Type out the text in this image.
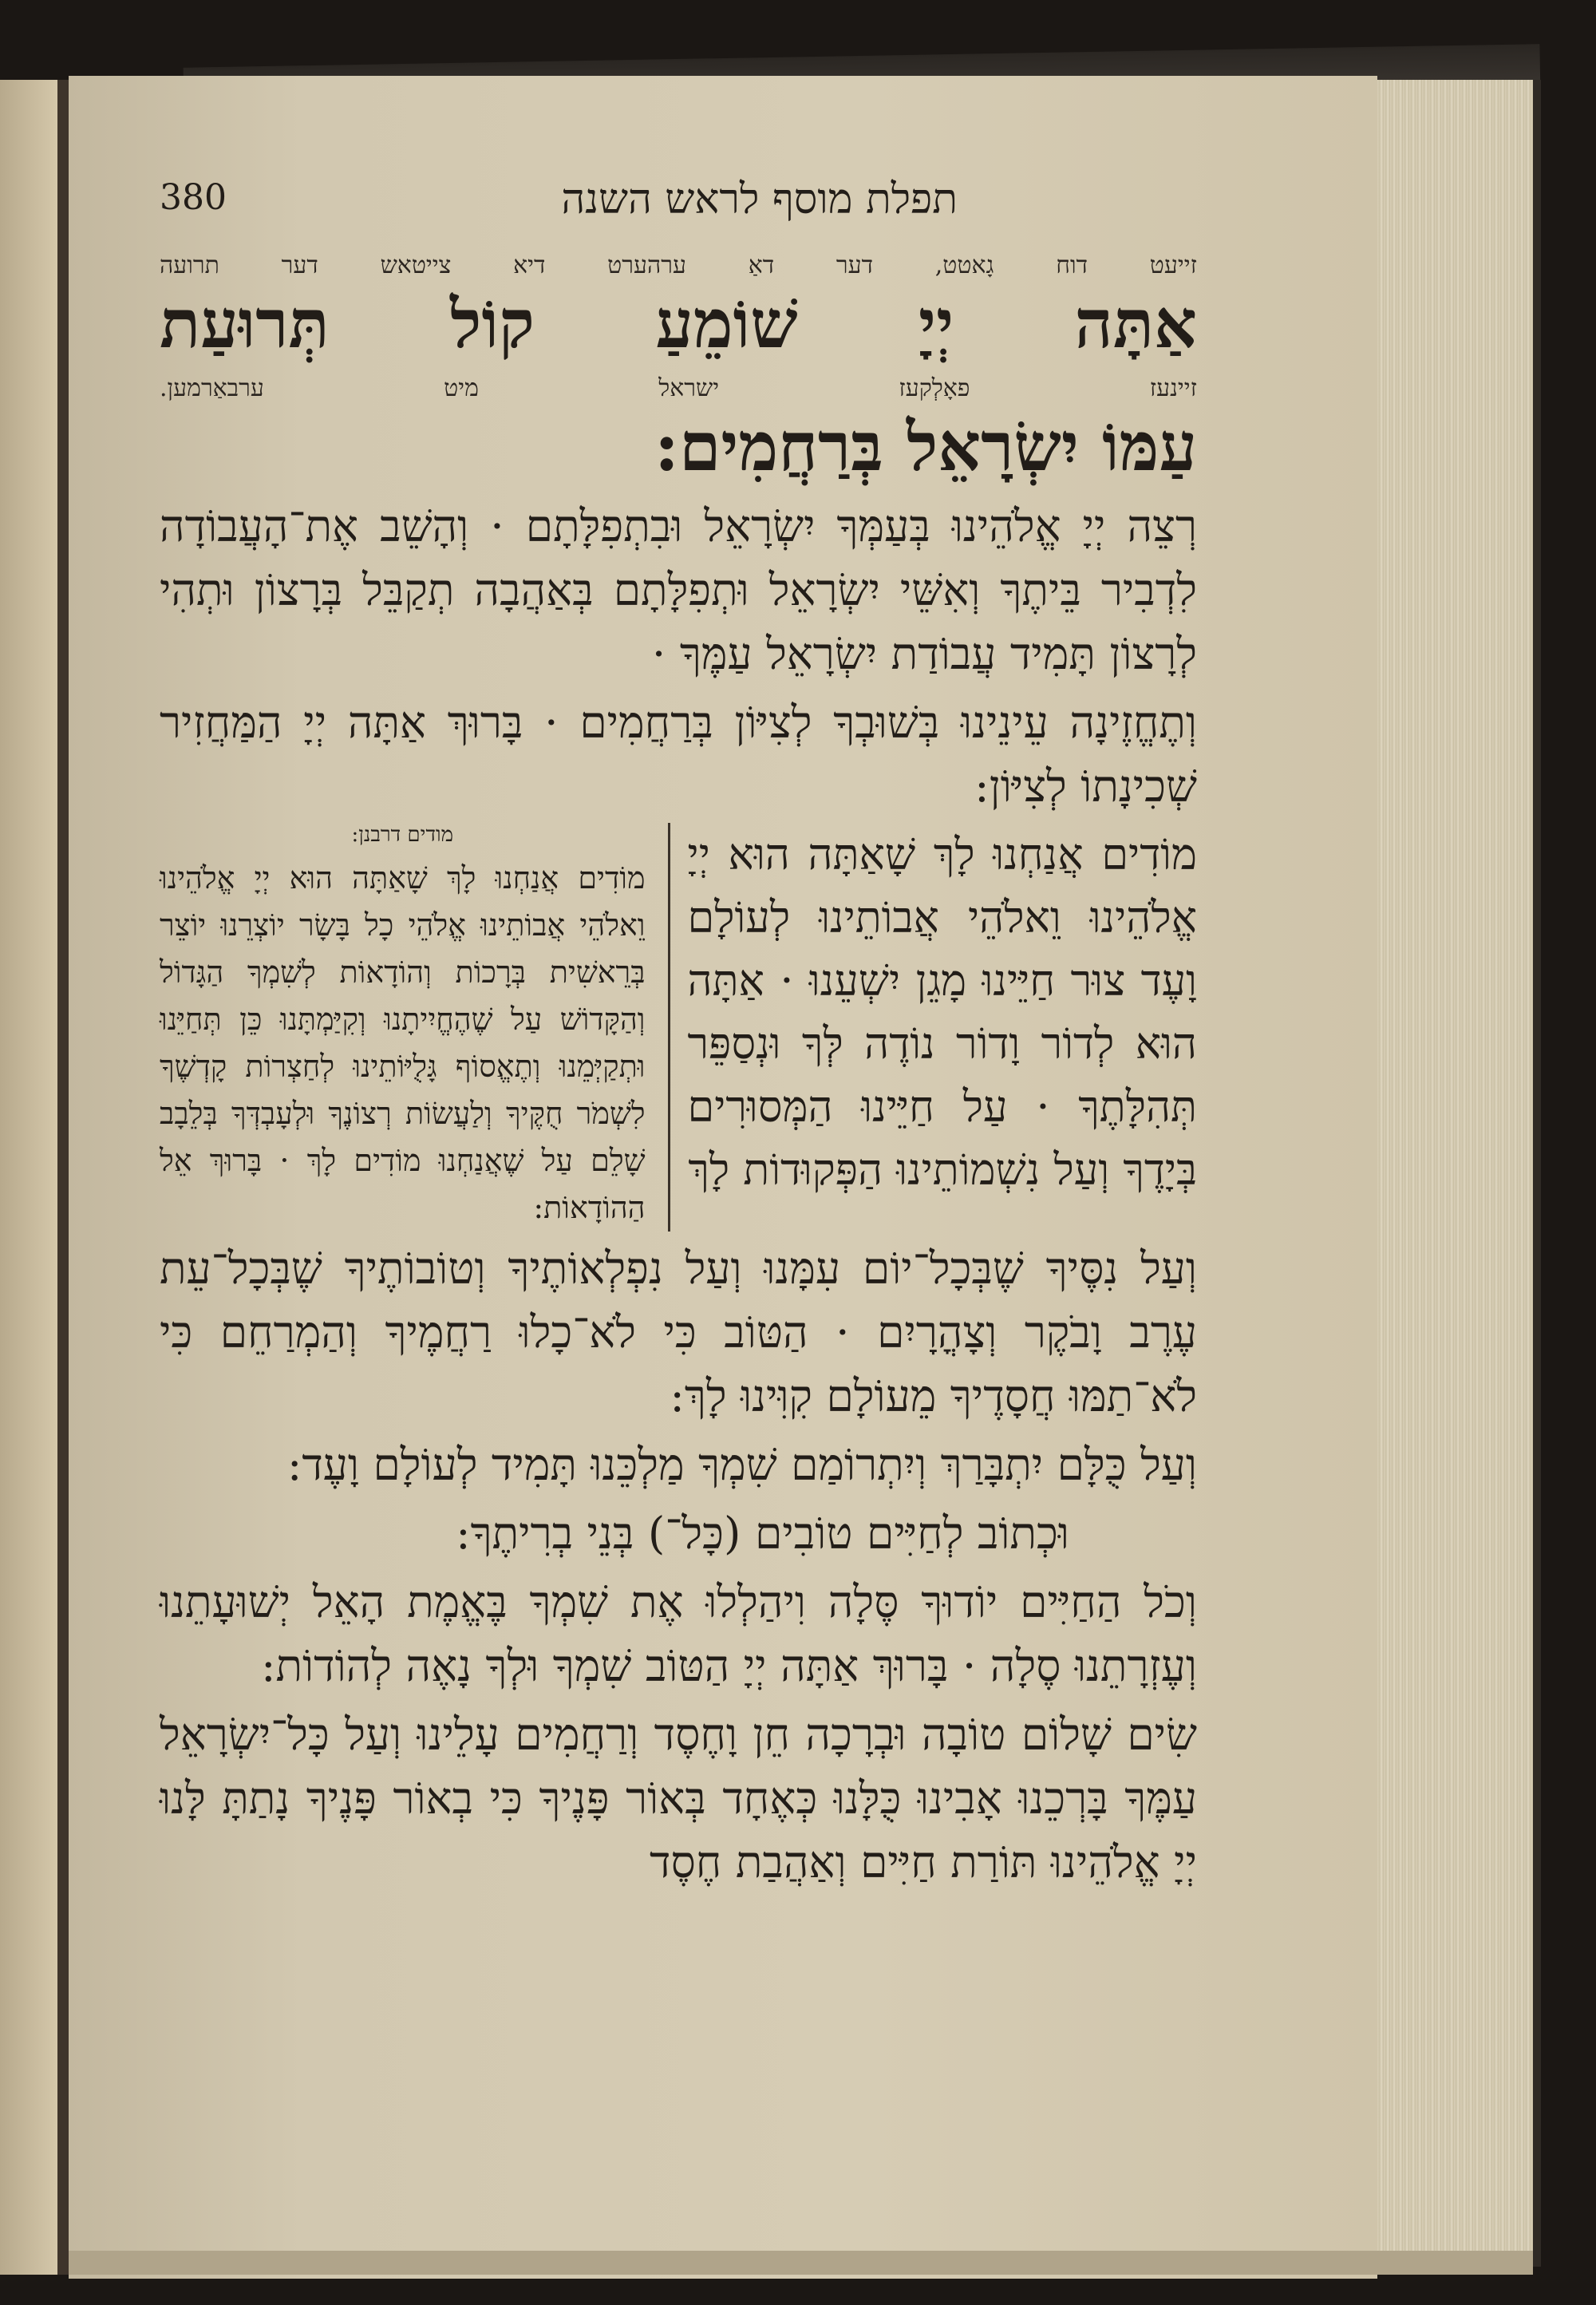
380	תפלת מוסף לראש השנה

זייעט דוח גָאטט, דער דאַ ערהערט דיא צייטאש דער תרועה

אַתָּה יְיָ שׁוֹמֵעַ קוֹל תְּרוּעַת

זיינעז פאָלְקעז ישראל מיט ערבאַרמען.

עַמּוֹ יִשְׂרָאֵל בְּרַחֲמִים:

רְצֵה יְיָ אֱלֹהֵינוּ בְּעַמְּךָ יִשְׂרָאֵל וּבִתְפִלָּתָם · וְהָשֵׁב אֶת־הָעֲבוֹדָה לִדְבִיר בֵּיתֶךָ וְאִשֵּׁי יִשְׂרָאֵל וּתְפִלָּתָם בְּאַהֲבָה תְקַבֵּל בְּרָצוֹן וּתְהִי לְרָצוֹן תָּמִיד עֲבוֹדַת יִשְׂרָאֵל עַמֶּךָ ·

וְתֶחֱזֶינָה עֵינֵינוּ בְּשׁוּבְךָ לְצִיּוֹן בְּרַחֲמִים · בָּרוּךְ אַתָּה יְיָ הַמַּחֲזִיר שְׁכִינָתוֹ לְצִיּוֹן:

מוֹדִים אֲנַחְנוּ לָךְ שָׁאַתָּה הוּא יְיָ אֱלֹהֵינוּ וֵאלֹהֵי אֲבוֹתֵינוּ לְעוֹלָם וָעֶד צוּר חַיֵּינוּ מָגֵן יִשְׁעֵנוּ · אַתָּה הוּא לְדוֹר וָדוֹר נוֹדֶה לְּךָ וּנְסַפֵּר תְּהִלָּתֶךָ · עַל חַיֵּינוּ הַמְּסוּרִים בְּיָדֶךָ וְעַל נִשְׁמוֹתֵינוּ הַפְּקוּדוֹת לָךְ

מודים דרבנן:

מוֹדִים אֲנַחְנוּ לָךְ שָׁאַתָּה הוּא יְיָ אֱלֹהֵינוּ וֵאלֹהֵי אֲבוֹתֵינוּ אֱלֹהֵי כָל בָּשָׂר יוֹצְרֵנוּ יוֹצֵר בְּרֵאשִׁית בְּרָכוֹת וְהוֹדָאוֹת לְשִׁמְךָ הַגָּדוֹל וְהַקָּדוֹשׁ עַל שֶׁהֶחֱיִיתָנוּ וְקִיַּמְתָּנוּ כֵּן תְּחַיֵּנוּ וּתְקַיְּמֵנוּ וְתֶאֱסוֹף גָּלֻיּוֹתֵינוּ לְחַצְרוֹת קָדְשֶׁךָ לִשְׁמֹר חֻקֶּיךָ וְלַעֲשׂוֹת רְצוֹנֶךָ וּלְעָבְדְּךָ בְּלֵבָב שָׁלֵם עַל שֶׁאֲנַחְנוּ מוֹדִים לָךְ · בָּרוּךְ אֵל הַהוֹדָאוֹת:

וְעַל נִסֶּיךָ שֶׁבְּכָל־יוֹם עִמָּנוּ וְעַל נִפְלְאוֹתֶיךָ וְטוֹבוֹתֶיךָ שֶׁבְּכָל־עֵת עֶרֶב וָבֹקֶר וְצָהֳרָיִם · הַטּוֹב כִּי לֹא־כָלוּ רַחֲמֶיךָ וְהַמְרַחֵם כִּי לֹא־תַמּוּ חֲסָדֶיךָ מֵעוֹלָם קִוִּינוּ לָךְ:

וְעַל כֻּלָּם יִתְבָּרַךְ וְיִתְרוֹמַם שִׁמְךָ מַלְכֵּנוּ תָּמִיד לְעוֹלָם וָעֶד:

וּכְתוֹב לְחַיִּים טוֹבִים (כָּל־) בְּנֵי בְרִיתֶךָ:

וְכֹל הַחַיִּים יוֹדוּךָ סֶּלָה וִיהַלְלוּ אֶת שִׁמְךָ בֶּאֱמֶת הָאֵל יְשׁוּעָתֵנוּ וְעֶזְרָתֵנוּ סֶלָה · בָּרוּךְ אַתָּה יְיָ הַטּוֹב שִׁמְךָ וּלְךָ נָאֶה לְהוֹדוֹת:

שִׂים שָׁלוֹם טוֹבָה וּבְרָכָה חֵן וָחֶסֶד וְרַחֲמִים עָלֵינוּ וְעַל כָּל־יִשְׂרָאֵל עַמֶּךָ בָּרְכֵנוּ אָבִינוּ כֻּלָּנוּ כְּאֶחָד בְּאוֹר פָּנֶיךָ כִּי בְאוֹר פָּנֶיךָ נָתַתָּ לָּנוּ יְיָ אֱלֹהֵינוּ תּוֹרַת חַיִּים וְאַהֲבַת חֶסֶד
